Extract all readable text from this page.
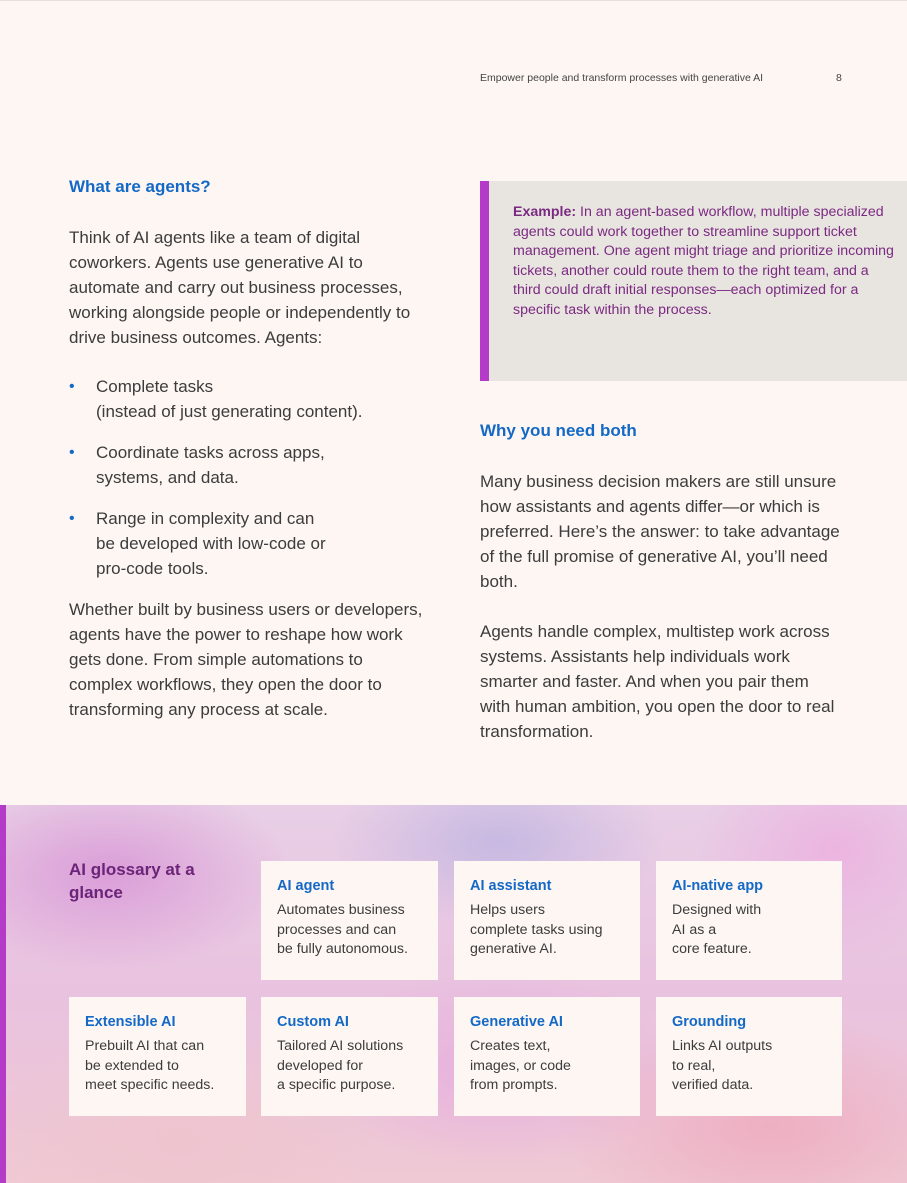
Empower people and transform processes with generative AI	8
What are agents?

Think of AI agents like a team of digital coworkers. Agents use generative AI to automate and carry out business processes, working alongside people or independently to drive business outcomes. Agents:

• Complete tasks
(instead of just generating content).
• Coordinate tasks across apps,
systems, and data.
• Range in complexity and can
be developed with low-code or
pro-code tools.

Whether built by business users or developers, agents have the power to reshape how work gets done. From simple automations to complex workflows, they open the door to transforming any process at scale.

Example: In an agent-based workflow, multiple specialized agents could work together to streamline support ticket management. One agent might triage and prioritize incoming tickets, another could route them to the right team, and a third could draft initial responses—each optimized for a specific task within the process.

Why you need both

Many business decision makers are still unsure how assistants and agents differ—or which is preferred. Here’s the answer: to take advantage of the full promise of generative AI, you’ll need both.

Agents handle complex, multistep work across systems. Assistants help individuals work smarter and faster. And when you pair them with human ambition, you open the door to real transformation.

AI glossary at a glance	AI agent

Automates business
processes and can
be fully autonomous.

AI assistant

Helps users
complete tasks using
generative AI.

AI-native app

Designed with
AI as a
core feature.

Extensible AI

Prebuilt AI that can
be extended to
meet specific needs.

Custom AI

Tailored AI solutions
developed for
a specific purpose.

Generative AI

Creates text,
images, or code
from prompts.

Grounding

Links AI outputs
to real,
verified data.
